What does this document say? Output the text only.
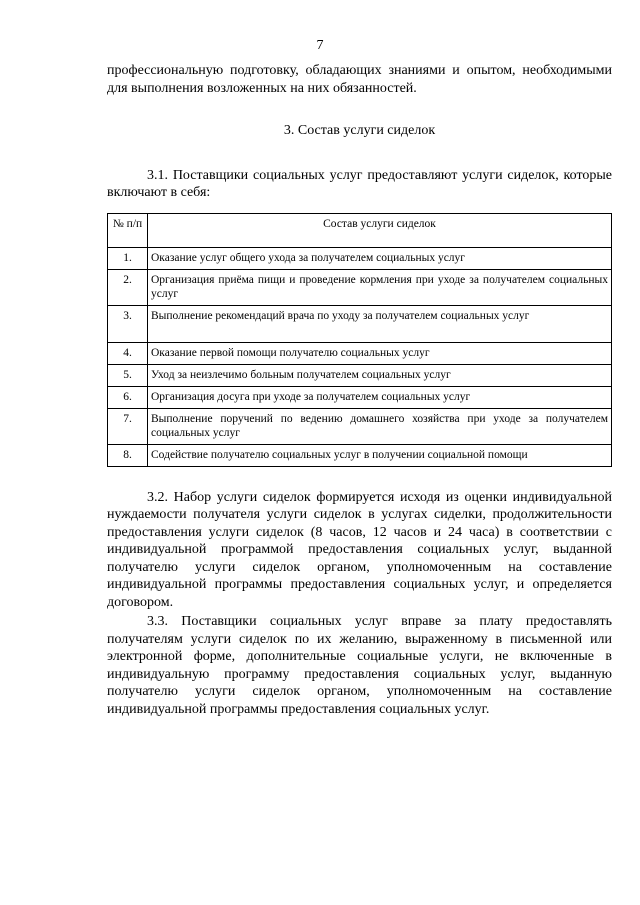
7

профессиональную подготовку, обладающих знаниями и опытом, необходимыми для выполнения возложенных на них обязанностей.

3. Состав услуги сиделок

3.1. Поставщики социальных услуг предоставляют услуги сиделок, которые включают в себя:

№ п/п	Состав услуги сиделок
1.	Оказание услуг общего ухода за получателем социальных услуг
2.	Организация приёма пищи и проведение кормления при уходе за получателем социальных услуг
3.	Выполнение рекомендаций врача по уходу за получателем социальных услуг
4.	Оказание первой помощи получателю социальных услуг
5.	Уход за неизлечимо больным получателем социальных услуг
6.	Организация досуга при уходе за получателем социальных услуг
7.	Выполнение поручений по ведению домашнего хозяйства при уходе за получателем социальных услуг
8.	Содействие получателю социальных услуг в получении социальной помощи

3.2. Набор услуги сиделок формируется исходя из оценки индивидуальной нуждаемости получателя услуги сиделок в услугах сиделки, продолжительности предоставления услуги сиделок (8 часов, 12 часов и 24 часа) в соответствии с индивидуальной программой предоставления социальных услуг, выданной получателю услуги сиделок органом, уполномоченным на составление индивидуальной программы предоставления социальных услуг, и определяется договором.

3.3. Поставщики социальных услуг вправе за плату предоставлять получателям услуги сиделок по их желанию, выраженному в письменной или электронной форме, дополнительные социальные услуги, не включенные в индивидуальную программу предоставления социальных услуг, выданную получателю услуги сиделок органом, уполномоченным на составление индивидуальной программы предоставления социальных услуг.
